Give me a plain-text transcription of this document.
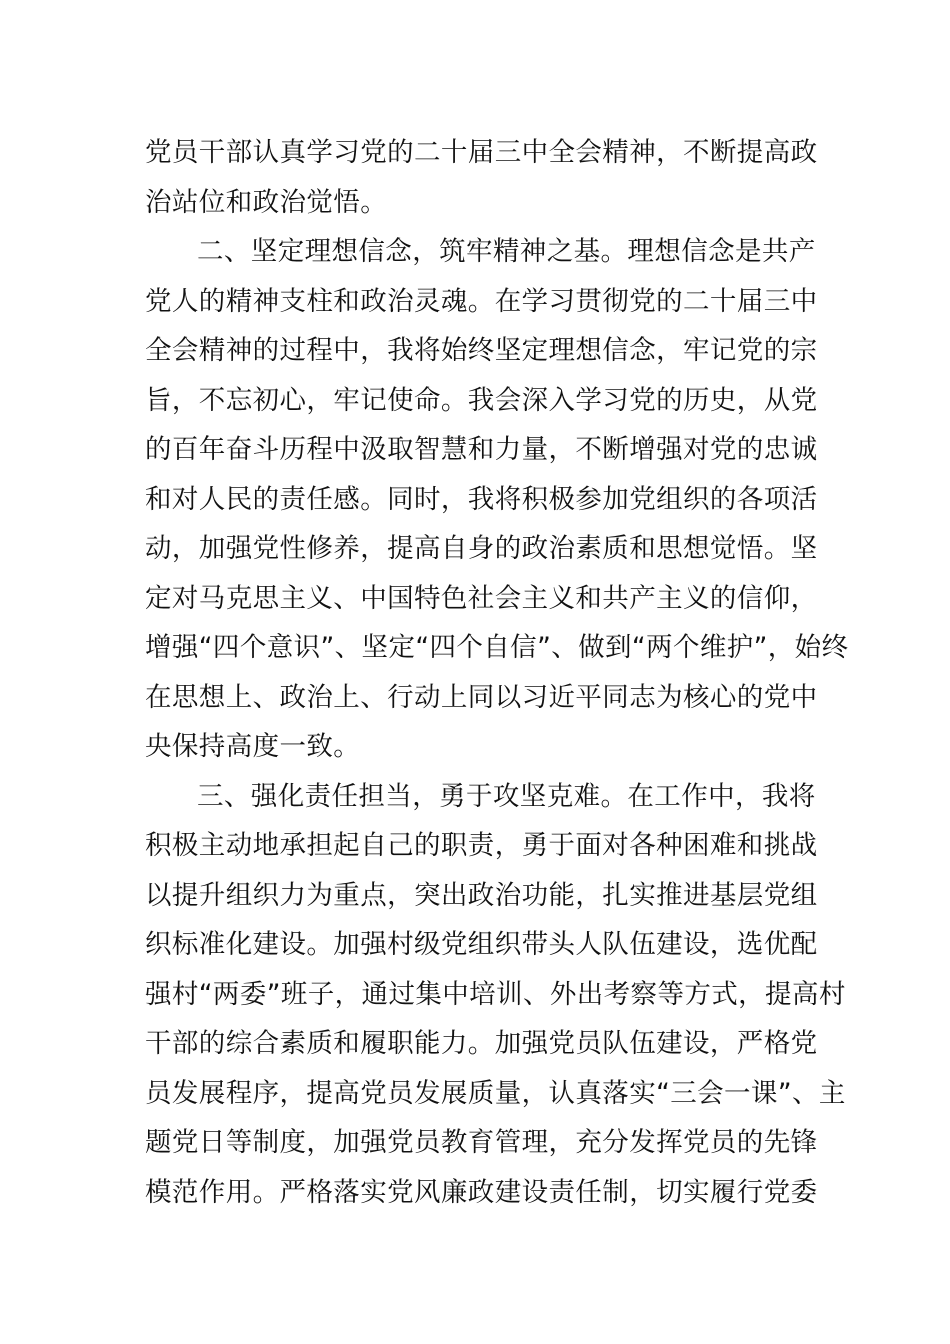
党员干部认真学习党的二十届三中全会精神，不断提高政
治站位和政治觉悟。
二、坚定理想信念，筑牢精神之基。理想信念是共产
党人的精神支柱和政治灵魂。在学习贯彻党的二十届三中
全会精神的过程中，我将始终坚定理想信念，牢记党的宗
旨，不忘初心，牢记使命。我会深入学习党的历史，从党
的百年奋斗历程中汲取智慧和力量，不断增强对党的忠诚
和对人民的责任感。同时，我将积极参加党组织的各项活
动，加强党性修养，提高自身的政治素质和思想觉悟。坚
定对马克思主义、中国特色社会主义和共产主义的信仰，
增强“四个意识”、坚定“四个自信”、做到“两个维护”，始终
在思想上、政治上、行动上同以习近平同志为核心的党中
央保持高度一致。
三、强化责任担当，勇于攻坚克难。在工作中，我将
积极主动地承担起自己的职责，勇于面对各种困难和挑战
以提升组织力为重点，突出政治功能，扎实推进基层党组
织标准化建设。加强村级党组织带头人队伍建设，选优配
强村“两委”班子，通过集中培训、外出考察等方式，提高村
干部的综合素质和履职能力。加强党员队伍建设，严格党
员发展程序，提高党员发展质量，认真落实“三会一课”、主
题党日等制度，加强党员教育管理，充分发挥党员的先锋
模范作用。严格落实党风廉政建设责任制，切实履行党委
